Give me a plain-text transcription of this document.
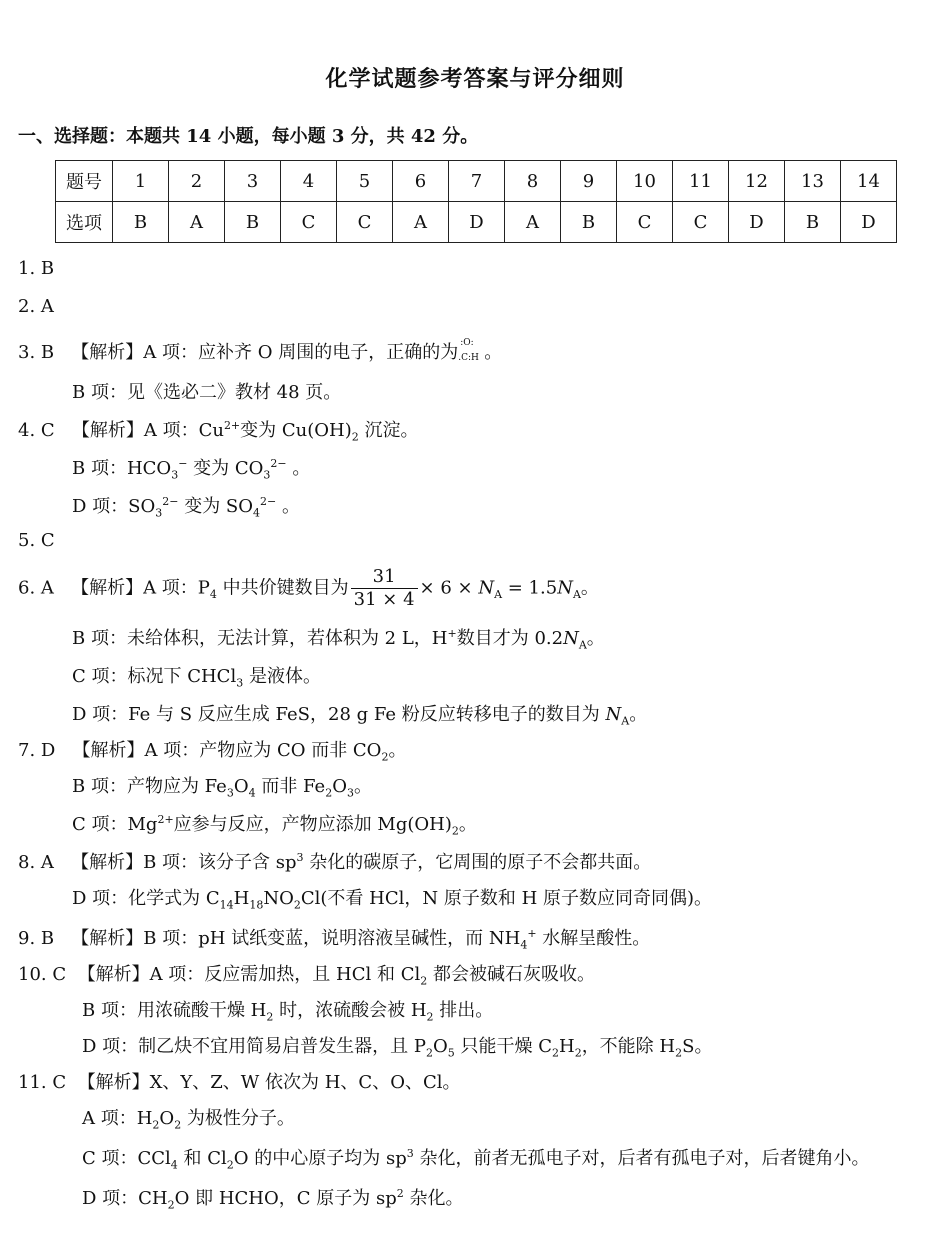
化学试题参考答案与评分细则
一、选择题：本题共 14 小题，每小题 3 分，共 42 分。
题号	1	2	3	4	5	6	7	8	9	10	11	12	13	14
选项	B	A	B	C	C	A	D	A	B	C	C	D	B	D
1. B
2. A
3. B 【解析】A 项：应补齐 O 周围的电子，正确的为 :O:
.C:H 。
B 项：见《选必二》教材 48 页。
4. C 【解析】A 项：$Cu^{2+}$变为 $Cu(OH)_2$ 沉淀。
B 项：$HCO_3^-$ 变为 $CO_3^{2-}$ 。
D 项：$SO_3^{2-}$ 变为 $SO_4^{2-}$ 。
5. C
6. A 【解析】A 项：$P_4$ 中共价键数目为 $\frac{31}{31 \times 4} \times 6 \times N_A = 1.5N_A$。
B 项：未给体积，无法计算，若体积为 2 L，H+数目才为 $0.2N_A$。
C 项：标况下 CHCl$_3$ 是液体。
D 项：Fe 与 S 反应生成 FeS，28 g Fe 粉反应转移电子的数目为 $N_A$。
7. D 【解析】A 项：产物应为 CO 而非 $CO_2$。
B 项：产物应为 $Fe_3O_4$ 而非 $Fe_2O_3$。
C 项：$Mg^{2+}$应参与反应，产物应添加 $Mg(OH)_2$。
8. A 【解析】B 项：该分子含 $sp^3$ 杂化的碳原子，它周围的原子不会都共面。
D 项：化学式为 $C_{14}H_{18}NO_2Cl$(不看 HCl，N 原子数和 H 原子数应同奇同偶)。
9. B 【解析】B 项：pH 试纸变蓝，说明溶液呈碱性，而 $NH_4^+$ 水解呈酸性。
10. C 【解析】A 项：反应需加热，且 HCl 和 $Cl_2$ 都会被碱石灰吸收。
B 项：用浓硫酸干燥 $H_2$ 时，浓硫酸会被 $H_2$ 排出。
D 项：制乙炔不宜用简易启普发生器，且 $P_2O_5$ 只能干燥 $C_2H_2$，不能除 $H_2S$。
11. C 【解析】X、Y、Z、W 依次为 H、C、O、Cl。
A 项：$H_2O_2$ 为极性分子。
C 项：CCl$_4$ 和 $Cl_2O$ 的中心原子均为 $sp^3$ 杂化，前者无孤电子对，后者有孤电子对，后者键角小。
D 项：$CH_2O$ 即 HCHO，C 原子为 $sp^2$ 杂化。
